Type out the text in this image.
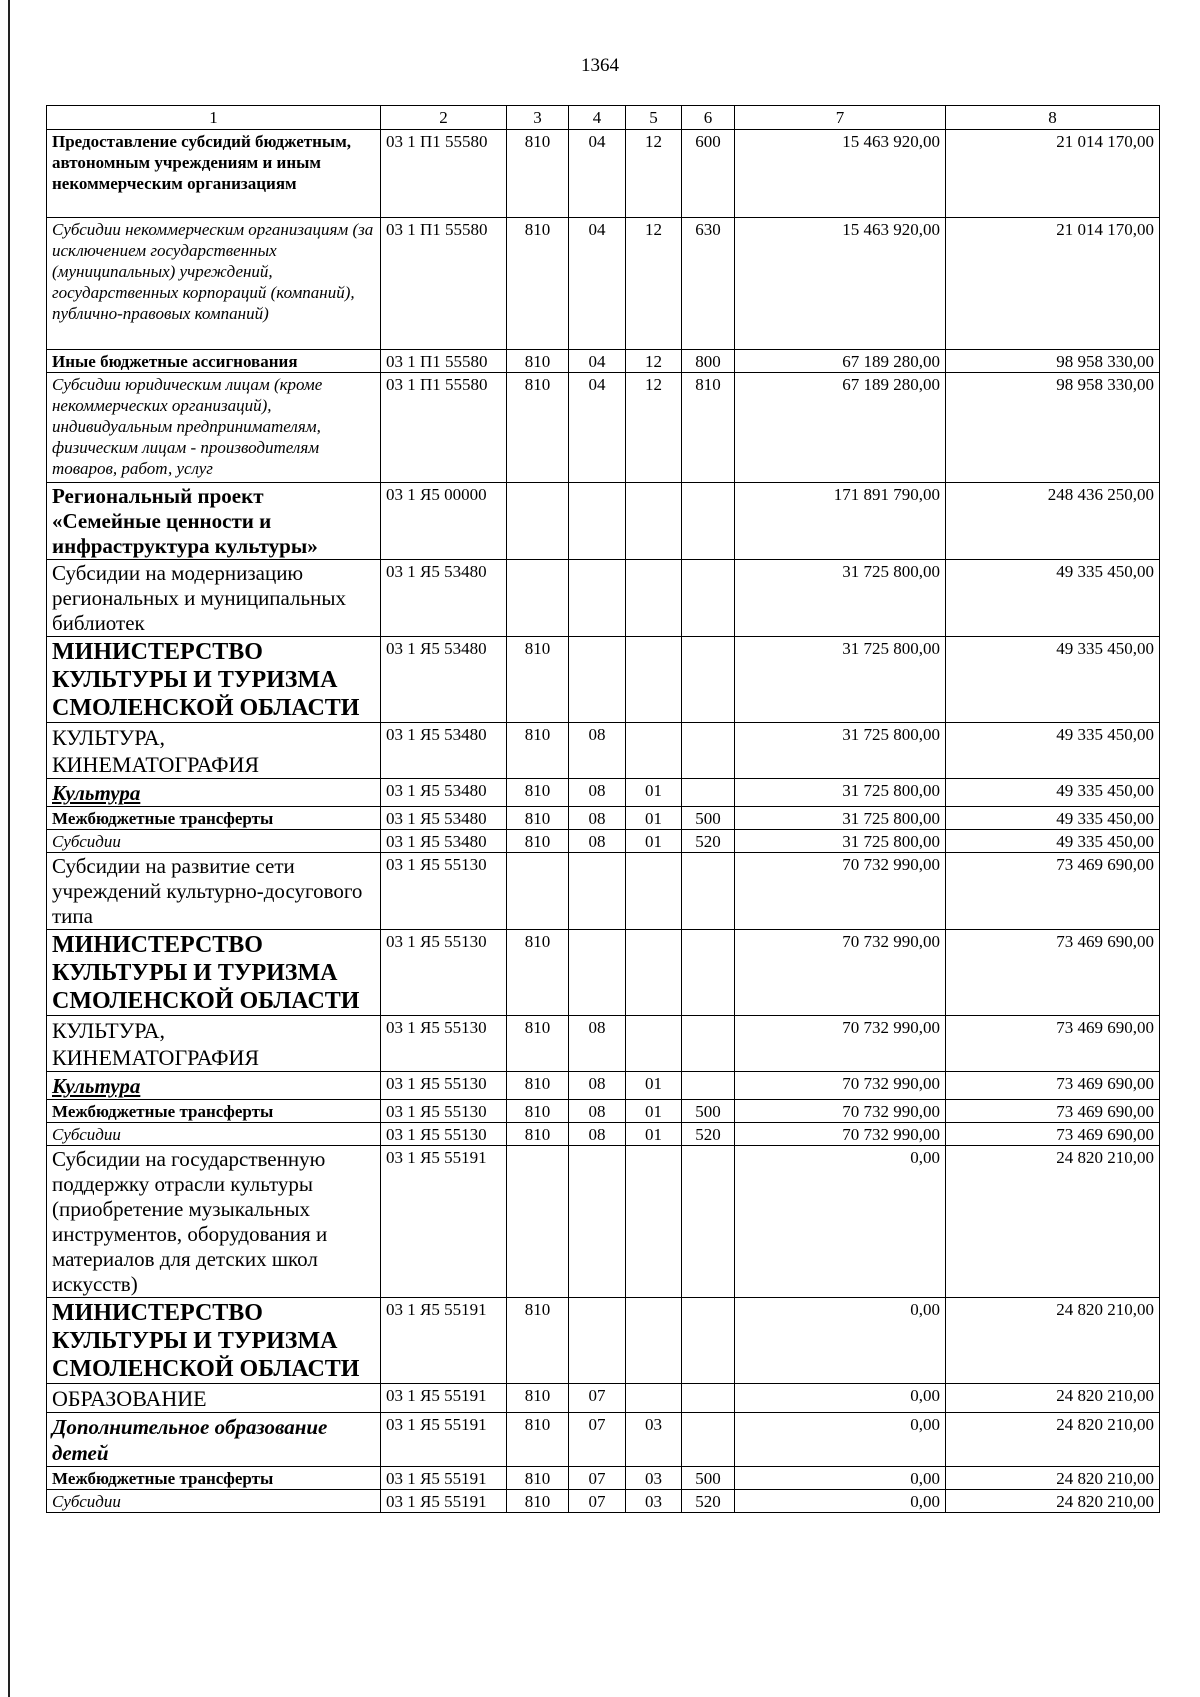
1364
1	2	3	4	5	6	7	8
Предоставление субсидий бюджетным, автономным учреждениям и иным некоммерческим организациям	03 1 П1 55580	810	04	12	600	15 463 920,00	21 014 170,00
Субсидии некоммерческим организациям (за исключением государственных (муниципальных) учреждений, государственных корпораций (компаний), публично-правовых компаний)	03 1 П1 55580	810	04	12	630	15 463 920,00	21 014 170,00
Иные бюджетные ассигнования	03 1 П1 55580	810	04	12	800	67 189 280,00	98 958 330,00
Субсидии юридическим лицам (кроме некоммерческих организаций), индивидуальным предпринимателям, физическим лицам - производителям товаров, работ, услуг	03 1 П1 55580	810	04	12	810	67 189 280,00	98 958 330,00
Региональный проект «Семейные ценности и инфраструктура культуры»	03 1 Я5 00000					171 891 790,00	248 436 250,00
Субсидии на модернизацию региональных и муниципальных библиотек	03 1 Я5 53480					31 725 800,00	49 335 450,00
МИНИСТЕРСТВО КУЛЬТУРЫ И ТУРИЗМА СМОЛЕНСКОЙ ОБЛАСТИ	03 1 Я5 53480	810				31 725 800,00	49 335 450,00
КУЛЬТУРА, КИНЕМАТОГРАФИЯ	03 1 Я5 53480	810	08			31 725 800,00	49 335 450,00
Культура	03 1 Я5 53480	810	08	01		31 725 800,00	49 335 450,00
Межбюджетные трансферты	03 1 Я5 53480	810	08	01	500	31 725 800,00	49 335 450,00
Субсидии	03 1 Я5 53480	810	08	01	520	31 725 800,00	49 335 450,00
Субсидии на развитие сети учреждений культурно-досугового типа	03 1 Я5 55130					70 732 990,00	73 469 690,00
МИНИСТЕРСТВО КУЛЬТУРЫ И ТУРИЗМА СМОЛЕНСКОЙ ОБЛАСТИ	03 1 Я5 55130	810				70 732 990,00	73 469 690,00
КУЛЬТУРА, КИНЕМАТОГРАФИЯ	03 1 Я5 55130	810	08			70 732 990,00	73 469 690,00
Культура	03 1 Я5 55130	810	08	01		70 732 990,00	73 469 690,00
Межбюджетные трансферты	03 1 Я5 55130	810	08	01	500	70 732 990,00	73 469 690,00
Субсидии	03 1 Я5 55130	810	08	01	520	70 732 990,00	73 469 690,00
Субсидии на государственную поддержку отрасли культуры (приобретение музыкальных инструментов, оборудования и материалов для детских школ искусств)	03 1 Я5 55191					0,00	24 820 210,00
МИНИСТЕРСТВО КУЛЬТУРЫ И ТУРИЗМА СМОЛЕНСКОЙ ОБЛАСТИ	03 1 Я5 55191	810				0,00	24 820 210,00
ОБРАЗОВАНИЕ	03 1 Я5 55191	810	07			0,00	24 820 210,00
Дополнительное образование детей	03 1 Я5 55191	810	07	03		0,00	24 820 210,00
Межбюджетные трансферты	03 1 Я5 55191	810	07	03	500	0,00	24 820 210,00
Субсидии	03 1 Я5 55191	810	07	03	520	0,00	24 820 210,00
